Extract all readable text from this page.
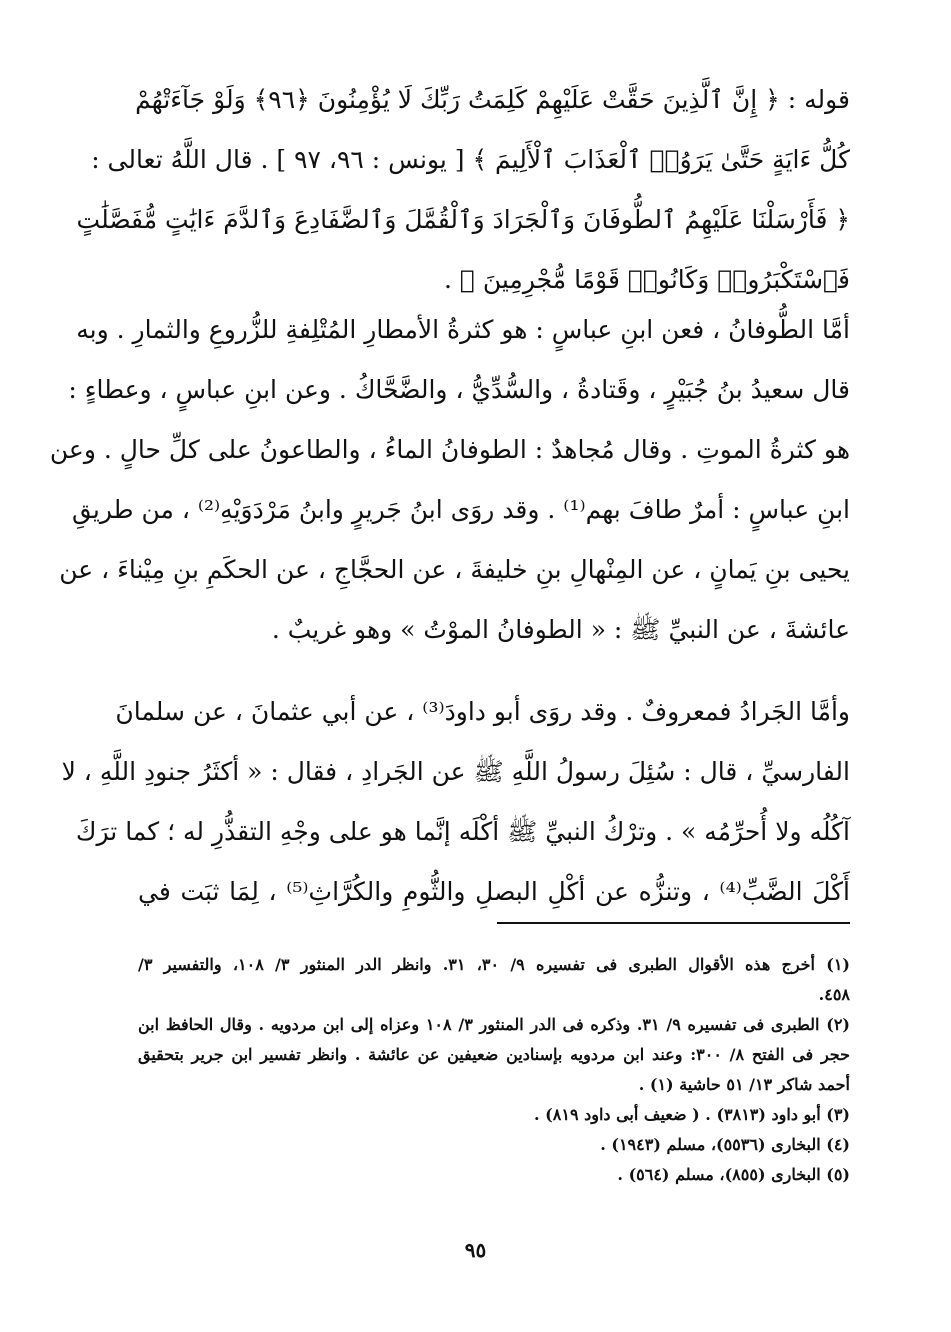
قوله : ﴿ إِنَّ ٱلَّذِينَ حَقَّتْ عَلَيْهِمْ كَلِمَتُ رَبِّكَ لَا يُؤْمِنُونَ ﴿٩٦﴾ وَلَوْ جَآءَتْهُمْ
كُلُّ ءَايَةٍ حَتَّىٰ يَرَوُا۟ ٱلْعَذَابَ ٱلْأَلِيمَ ﴾ [ يونس : ٩٦، ٩٧ ] . قال اللَّهُ تعالى :
﴿ فَأَرْسَلْنَا عَلَيْهِمُ ٱلطُّوفَانَ وَٱلْجَرَادَ وَٱلْقُمَّلَ وَٱلضَّفَادِعَ وَٱلدَّمَ ءَايَٰتٍ مُّفَصَّلَٰتٍ
فَٱسْتَكْبَرُوا۟ وَكَانُوا۟ قَوْمًا مُّجْرِمِينَ ﴾ .
أمَّا الطُّوفانُ ، فعن ابنِ عباسٍ : هو كثرةُ الأمطارِ المُتْلِفةِ للزُّروعِ والثمارِ . وبه
قال سعيدُ بنُ جُبَيْرٍ ، وقَتادةُ ، والسُّدِّيُّ ، والضَّحَّاكُ . وعن ابنِ عباسٍ ، وعطاءٍ :
هو كثرةُ الموتِ . وقال مُجاهدٌ : الطوفانُ الماءُ ، والطاعونُ على كلِّ حالٍ . وعن
ابنِ عباسٍ : أمرٌ طافَ بهم⁽¹⁾ . وقد روَى ابنُ جَريرٍ وابنُ مَرْدَوَيْهِ⁽²⁾ ، من طريقِ
يحيى بنِ يَمانٍ ، عن المِنْهالِ بنِ خليفةَ ، عن الحجَّاجِ ، عن الحكَمِ بنِ مِيْناءَ ، عن
عائشةَ ، عن النبيِّ ﷺ : « الطوفانُ الموْتُ » وهو غريبٌ .
وأمَّا الجَرادُ فمعروفٌ . وقد روَى أبو داودَ⁽³⁾ ، عن أبي عثمانَ ، عن سلمانَ
الفارسيِّ ، قال : سُئِلَ رسولُ اللَّهِ ﷺ عن الجَرادِ ، فقال : « أكثَرُ جنودِ اللَّهِ ، لا
آكُلُه ولا أُحرِّمُه » . وترْكُ النبيِّ ﷺ أكْلَه إنَّما هو على وجْهِ التقذُّرِ له ؛ كما ترَكَ
أَكْلَ الضَّبِّ⁽⁴⁾ ، وتنزُّه عن أكْلِ البصلِ والثُّومِ والكُرَّاثِ⁽⁵⁾ ، لِمَا ثبَت في
(١) أخرج هذه الأقوال الطبرى فى تفسيره ٩/ ٣٠، ٣١. وانظر الدر المنثور ٣/ ١٠٨، والتفسير ٣/
٤٥٨.
(٢) الطبرى فى تفسيره ٩/ ٣١. وذكره فى الدر المنثور ٣/ ١٠٨ وعزاه إلى ابن مردويه . وقال الحافظ ابن
حجر فى الفتح ٨/ ٣٠٠: وعند ابن مردويه بإسنادين ضعيفين عن عائشة . وانظر تفسير ابن جرير بتحقيق
أحمد شاكر ١٣/ ٥١ حاشية (١) .
(٣) أبو داود (٣٨١٣) . ( ضعيف أبى داود ٨١٩) .
(٤) البخارى (٥٥٣٦)، مسلم (١٩٤٣) .
(٥) البخارى (٨٥٥)، مسلم (٥٦٤) .
٩٥
